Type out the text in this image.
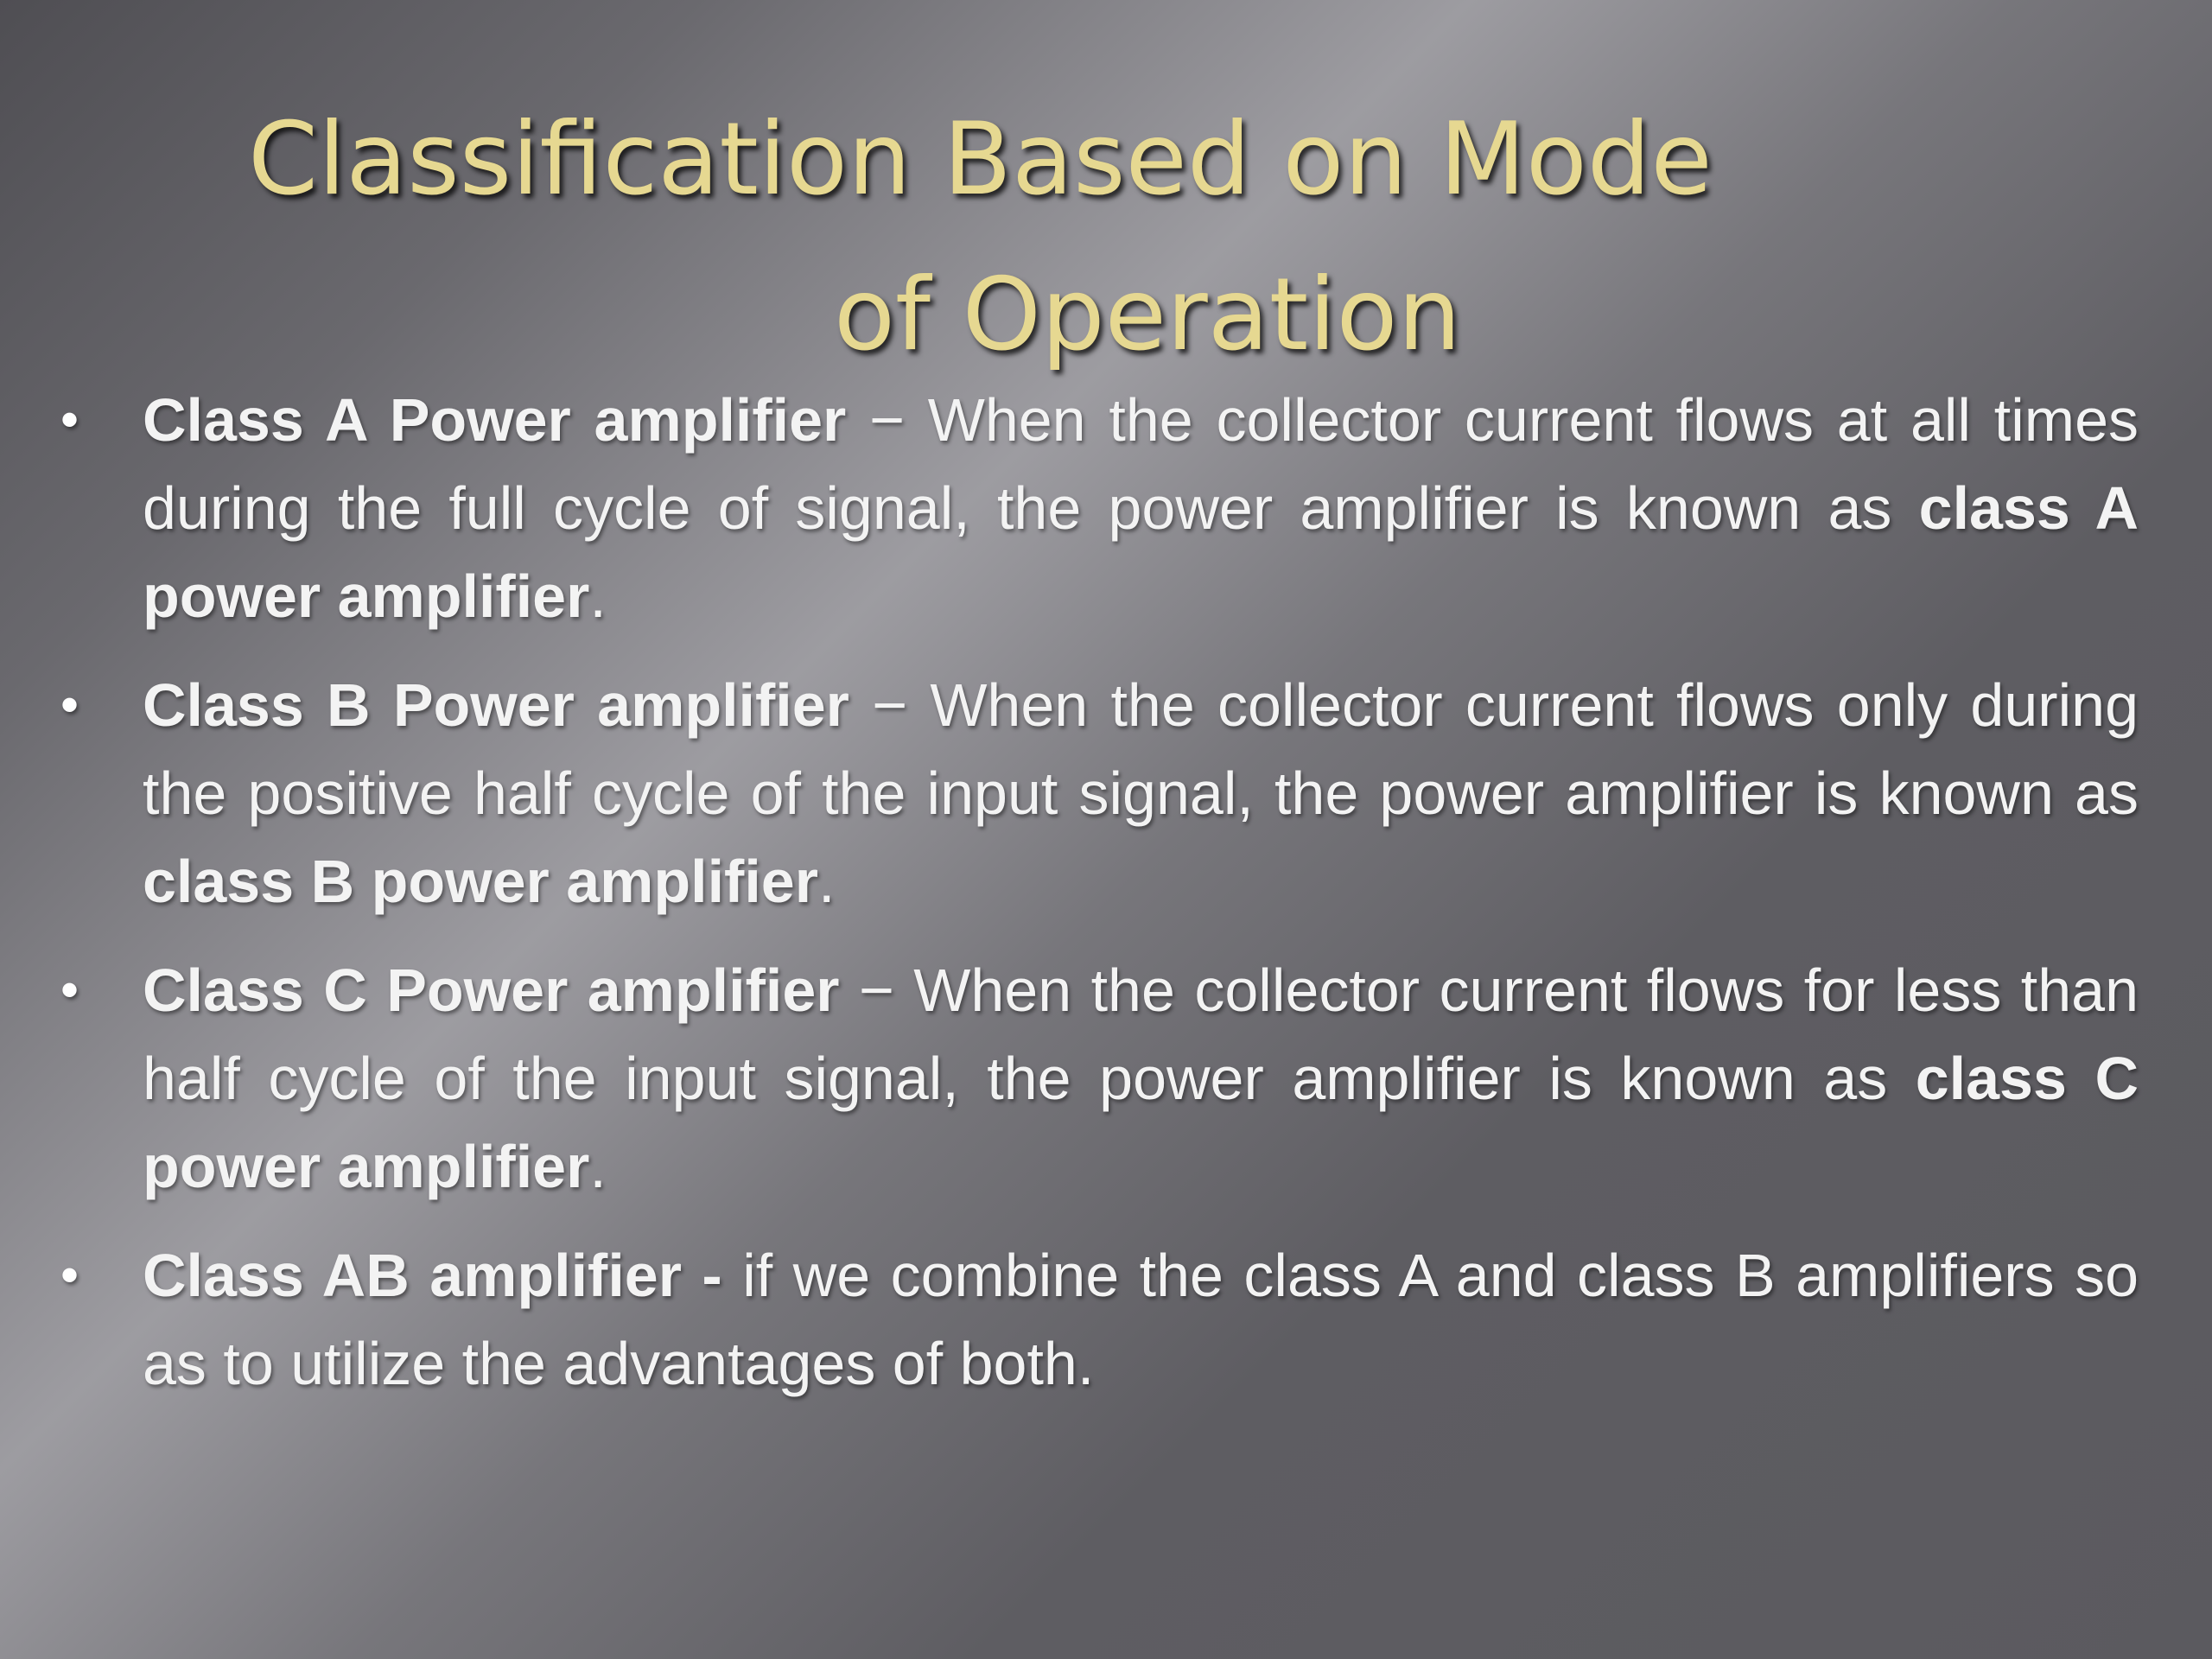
Classification Based on Mode
of Operation
• Class A Power amplifier − When the collector current flows at all times during the full cycle of signal, the power amplifier is known as class A power amplifier.
• Class B Power amplifier − When the collector current flows only during the positive half cycle of the input signal, the power amplifier is known as class B power amplifier.
• Class C Power amplifier − When the collector current flows for less than half cycle of the input signal, the power amplifier is known as class C power amplifier.
• Class AB amplifier - if we combine the class A and class B amplifiers so as to utilize the advantages of both.
